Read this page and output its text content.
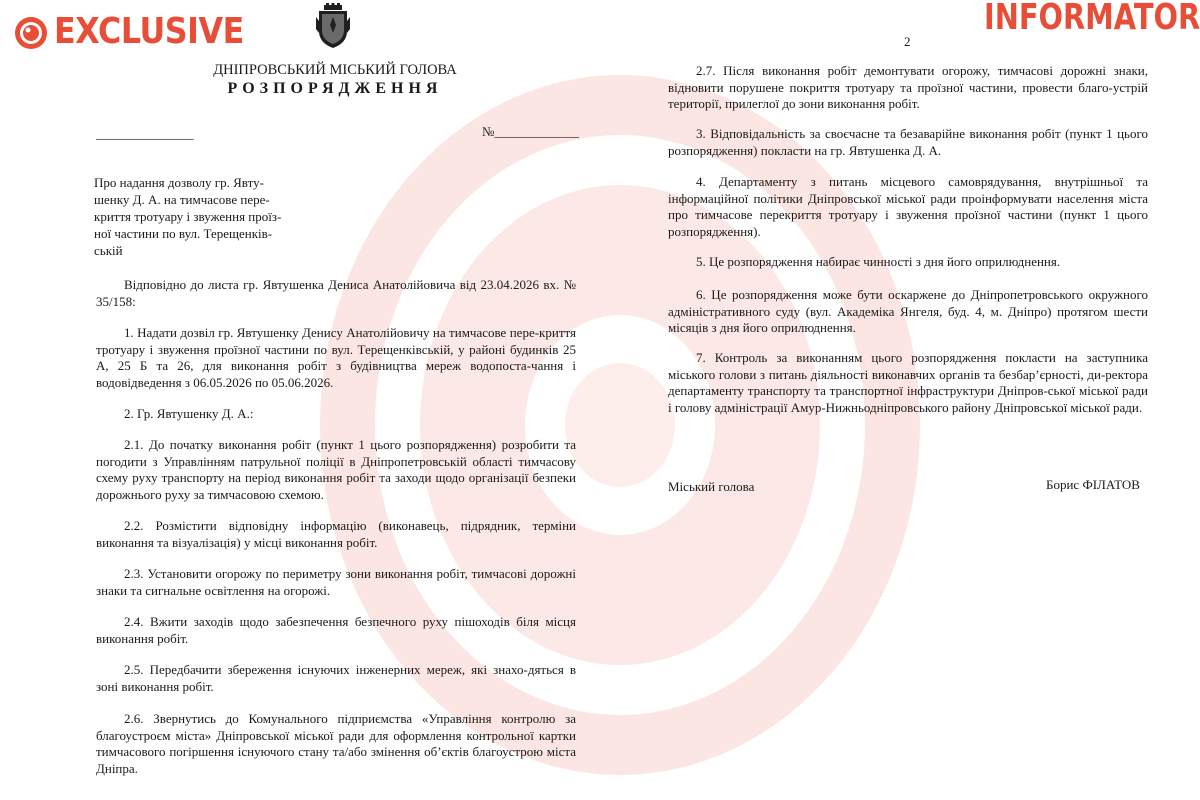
EXCLUSIVE
ДНІПРОВСЬКИЙ МІСЬКИЙ ГОЛОВА
РОЗПОРЯДЖЕННЯ
_______________	№_____________
Про надання дозволу гр. Явту-
шенку Д. А. на тимчасове пере-
криття тротуару і звуження проїз-
ної частини по вул. Терещенків-
ській

Відповідно до листа гр. Явтушенка Дениса Анатолійовича від 23.04.2026 вх. № 35/158:

1. Надати дозвіл гр. Явтушенку Денису Анатолійовичу на тимчасове пере-криття тротуару і звуження проїзної частини по вул. Терещенківській, у районі будинків 25 А, 25 Б та 26, для виконання робіт з будівництва мереж водопоста-чання і водовідведення з 06.05.2026 по 05.06.2026.

2. Гр. Явтушенку Д. А.:

2.1. До початку виконання робіт (пункт 1 цього розпорядження) розробити та погодити з Управлінням патрульної поліції в Дніпропетровській області тимчасову схему руху транспорту на період виконання робіт та заходи щодо організації безпеки дорожнього руху за тимчасовою схемою.

2.2. Розмістити відповідну інформацію (виконавець, підрядник, терміни виконання та візуалізація) у місці виконання робіт.

2.3. Установити огорожу по периметру зони виконання робіт, тимчасові дорожні знаки та сигнальне освітлення на огорожі.

2.4. Вжити заходів щодо забезпечення безпечного руху пішоходів біля місця виконання робіт.

2.5. Передбачити збереження існуючих інженерних мереж, які знахо-дяться в зоні виконання робіт.

2.6. Звернутись до Комунального підприємства «Управління контролю за благоустроєм міста» Дніпровської міської ради для оформлення контрольної картки тимчасового погіршення існуючого стану та/або змінення об’єктів благоустрою міста Дніпра.

INFORMATOR
2

2.7. Після виконання робіт демонтувати огорожу, тимчасові дорожні знаки, відновити порушене покриття тротуару та проїзної частини, провести благо-устрій території, прилеглої до зони виконання робіт.

3. Відповідальність за своєчасне та безаварійне виконання робіт (пункт 1 цього розпорядження) покласти на гр. Явтушенка Д. А.

4. Департаменту з питань місцевого самоврядування, внутрішньої та інформаційної політики Дніпровської міської ради проінформувати населення міста про тимчасове перекриття тротуару і звуження проїзної частини (пункт 1 цього розпорядження).

5. Це розпорядження набирає чинності з дня його оприлюднення.

6. Це розпорядження може бути оскаржене до Дніпропетровського окружного адміністративного суду (вул. Академіка Янгеля, буд. 4, м. Дніпро) протягом шести місяців з дня його оприлюднення.

7. Контроль за виконанням цього розпорядження покласти на заступника міського голови з питань діяльності виконавчих органів та безбар’єрності, ди-ректора департаменту транспорту та транспортної інфраструктури Дніпров-ської міської ради і голову адміністрації Амур-Нижньодніпровського району Дніпровської міської ради.

Міський голова	Борис ФІЛАТОВ
